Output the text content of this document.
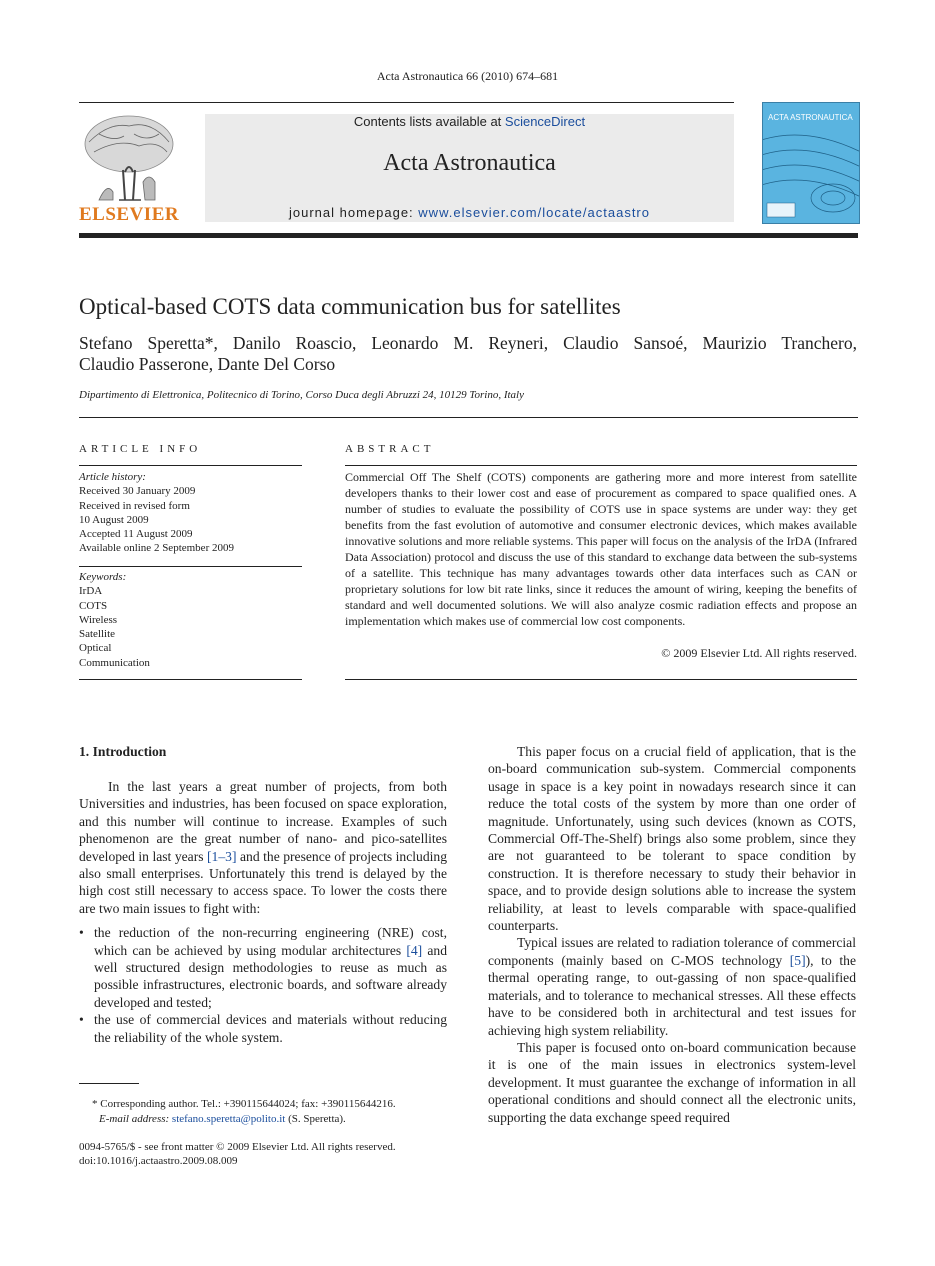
Acta Astronautica 66 (2010) 674–681
Contents lists available at ScienceDirect
Acta Astronautica
journal homepage: www.elsevier.com/locate/actaastro
ELSEVIER
ACTA ASTRONAUTICA
Optical-based COTS data communication bus for satellites
Stefano Speretta*, Danilo Roascio, Leonardo M. Reyneri, Claudio Sansoé, Maurizio Tranchero,
Claudio Passerone, Dante Del Corso
Dipartimento di Elettronica, Politecnico di Torino, Corso Duca degli Abruzzi 24, 10129 Torino, Italy
ARTICLE INFO
Article history:
Received 30 January 2009
Received in revised form
10 August 2009
Accepted 11 August 2009
Available online 2 September 2009
Keywords:
IrDA
COTS
Wireless
Satellite
Optical
Communication
ABSTRACT
Commercial Off The Shelf (COTS) components are gathering more and more interest from satellite developers thanks to their lower cost and ease of procurement as compared to space qualified ones. A number of studies to evaluate the possibility of COTS use in space systems are under way: they get benefits from the fast evolution of automotive and consumer electronic devices, which makes available innovative solutions and more reliable systems. This paper will focus on the analysis of the IrDA (Infrared Data Association) protocol and discuss the use of this standard to exchange data between the sub-systems of a satellite. This technique has many advantages towards other data interfaces such as CAN or proprietary solutions for low bit rate links, since it reduces the amount of wiring, keeping the benefits of standard and well documented solutions. We will also analyze cosmic radiation effects and propose an implementation which makes use of commercial low cost components.
© 2009 Elsevier Ltd. All rights reserved.
1. Introduction

In the last years a great number of projects, from both Universities and industries, has been focused on space exploration, and this number will continue to increase. Examples of such phenomenon are the great number of nano- and pico-satellites developed in last years [1–3] and the presence of projects including also small enterprises. Unfortunately this trend is delayed by the high cost still necessary to access space. To lower the costs there are two main issues to fight with:

• the reduction of the non-recurring engineering (NRE) cost, which can be achieved by using modular architectures [4] and well structured design methodologies to reuse as much as possible infrastructures, electronic boards, and software already developed and tested;
• the use of commercial devices and materials without reducing the reliability of the whole system.

This paper focus on a crucial field of application, that is the on-board communication sub-system. Commercial components usage in space is a key point in nowadays research since it can reduce the total costs of the system by more than one order of magnitude. Unfortunately, using such devices (known as COTS, Commercial Off-The-Shelf) brings also some problem, since they are not guaranteed to be tolerant to space condition by construction. It is therefore necessary to study their behavior in space, and to provide design solutions able to increase the system reliability, at least to levels comparable with space-qualified counterparts.

Typical issues are related to radiation tolerance of commercial components (mainly based on C-MOS technology [5]), to the thermal operating range, to out-gassing of non space-qualified materials, and to tolerance to mechanical stresses. All these effects have to be considered both in architectural and test issues for achieving high system reliability.

This paper is focused onto on-board communication because it is one of the main issues in electronics system-level development. It must guarantee the exchange of information in all operational conditions and should connect all the electronic units, supporting the data exchange speed required

* Corresponding author. Tel.: +390115644024; fax: +390115644216.
E-mail address: stefano.speretta@polito.it (S. Speretta).
0094-5765/$ - see front matter © 2009 Elsevier Ltd. All rights reserved.
doi:10.1016/j.actaastro.2009.08.009
